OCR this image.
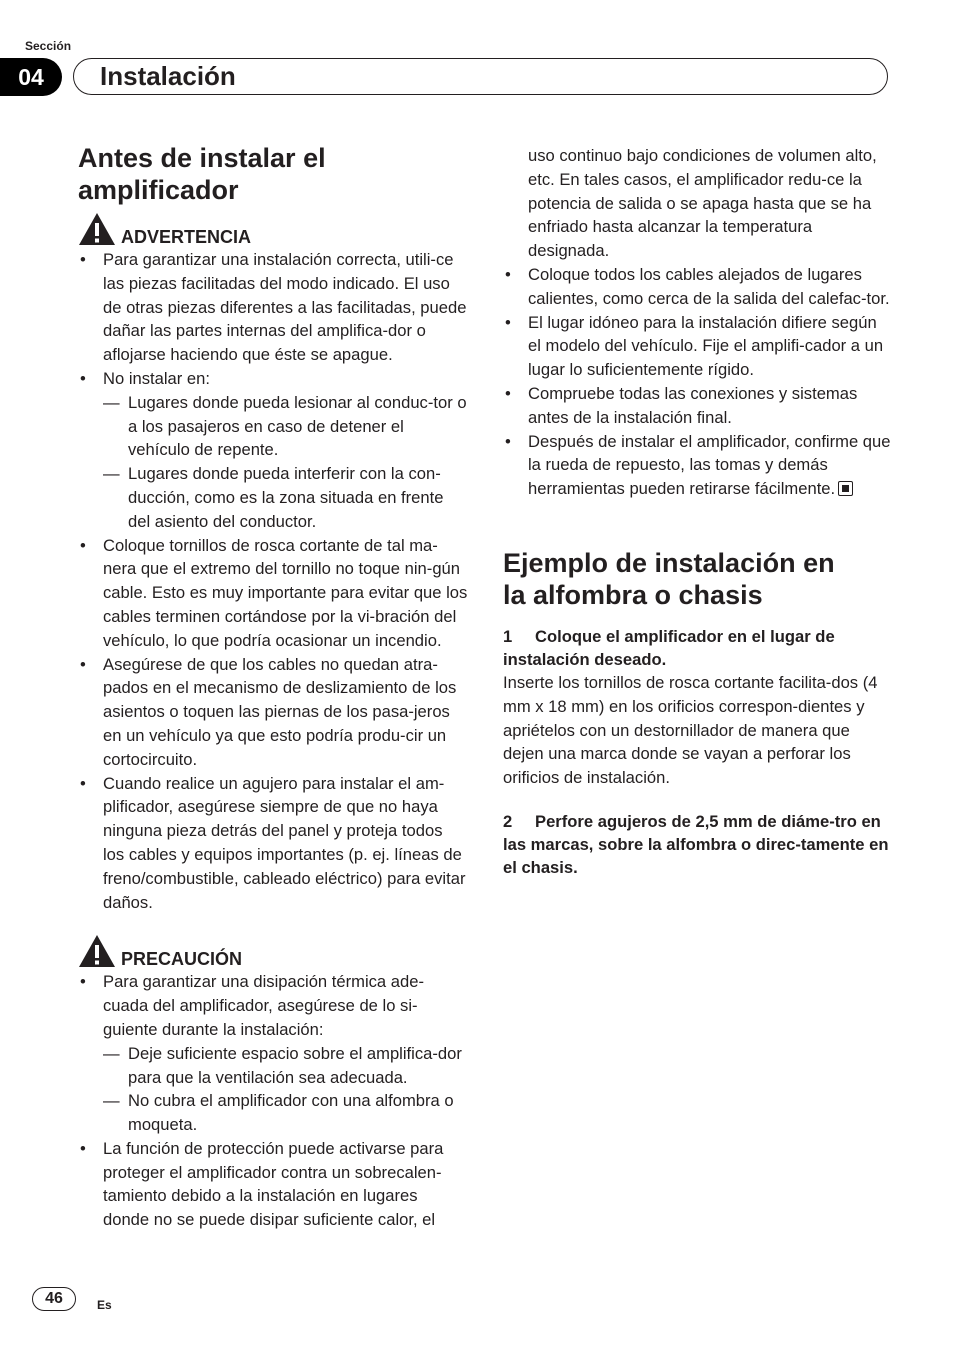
Sección
04	Instalación
Antes de instalar el
amplificador
ADVERTENCIA
• Para garantizar una instalación correcta, utili-ce las piezas facilitadas del modo indicado. El uso de otras piezas diferentes a las facilitadas, puede dañar las partes internas del amplifica-dor o aflojarse haciendo que éste se apague.
• No instalar en:
— Lugares donde pueda lesionar al conduc-tor o a los pasajeros en caso de detener el vehículo de repente.
— Lugares donde pueda interferir con la con-ducción, como es la zona situada en frente del asiento del conductor.
• Coloque tornillos de rosca cortante de tal ma-nera que el extremo del tornillo no toque nin-gún cable. Esto es muy importante para evitar que los cables terminen cortándose por la vi-bración del vehículo, lo que podría ocasionar un incendio.
• Asegúrese de que los cables no quedan atra-pados en el mecanismo de deslizamiento de los asientos o toquen las piernas de los pasa-jeros en un vehículo ya que esto podría produ-cir un cortocircuito.
• Cuando realice un agujero para instalar el am-plificador, asegúrese siempre de que no haya ninguna pieza detrás del panel y proteja todos los cables y equipos importantes (p. ej. líneas de freno/combustible, cableado eléctrico) para evitar daños.
PRECAUCIÓN
• Para garantizar una disipación térmica ade-cuada del amplificador, asegúrese de lo si-guiente durante la instalación:
— Deje suficiente espacio sobre el amplifica-dor para que la ventilación sea adecuada.
— No cubra el amplificador con una alfombra o moqueta.
• La función de protección puede activarse para proteger el amplificador contra un sobrecalen-tamiento debido a la instalación en lugares donde no se puede disipar suficiente calor, el
uso continuo bajo condiciones de volumen alto, etc. En tales casos, el amplificador redu-ce la potencia de salida o se apaga hasta que se ha enfriado hasta alcanzar la temperatura designada.
• Coloque todos los cables alejados de lugares calientes, como cerca de la salida del calefac-tor.
• El lugar idóneo para la instalación difiere según el modelo del vehículo. Fije el amplifi-cador a un lugar lo suficientemente rígido.
• Compruebe todas las conexiones y sistemas antes de la instalación final.
• Después de instalar el amplificador, confirme que la rueda de repuesto, las tomas y demás herramientas pueden retirarse fácilmente.
Ejemplo de instalación en
la alfombra o chasis
1 Coloque el amplificador en el lugar de instalación deseado.
Inserte los tornillos de rosca cortante facilita-dos (4 mm x 18 mm) en los orificios correspon-dientes y apriételos con un destornillador de manera que dejen una marca donde se vayan a perforar los orificios de instalación.
2 Perfore agujeros de 2,5 mm de diáme-tro en las marcas, sobre la alfombra o direc-tamente en el chasis.
46	Es
